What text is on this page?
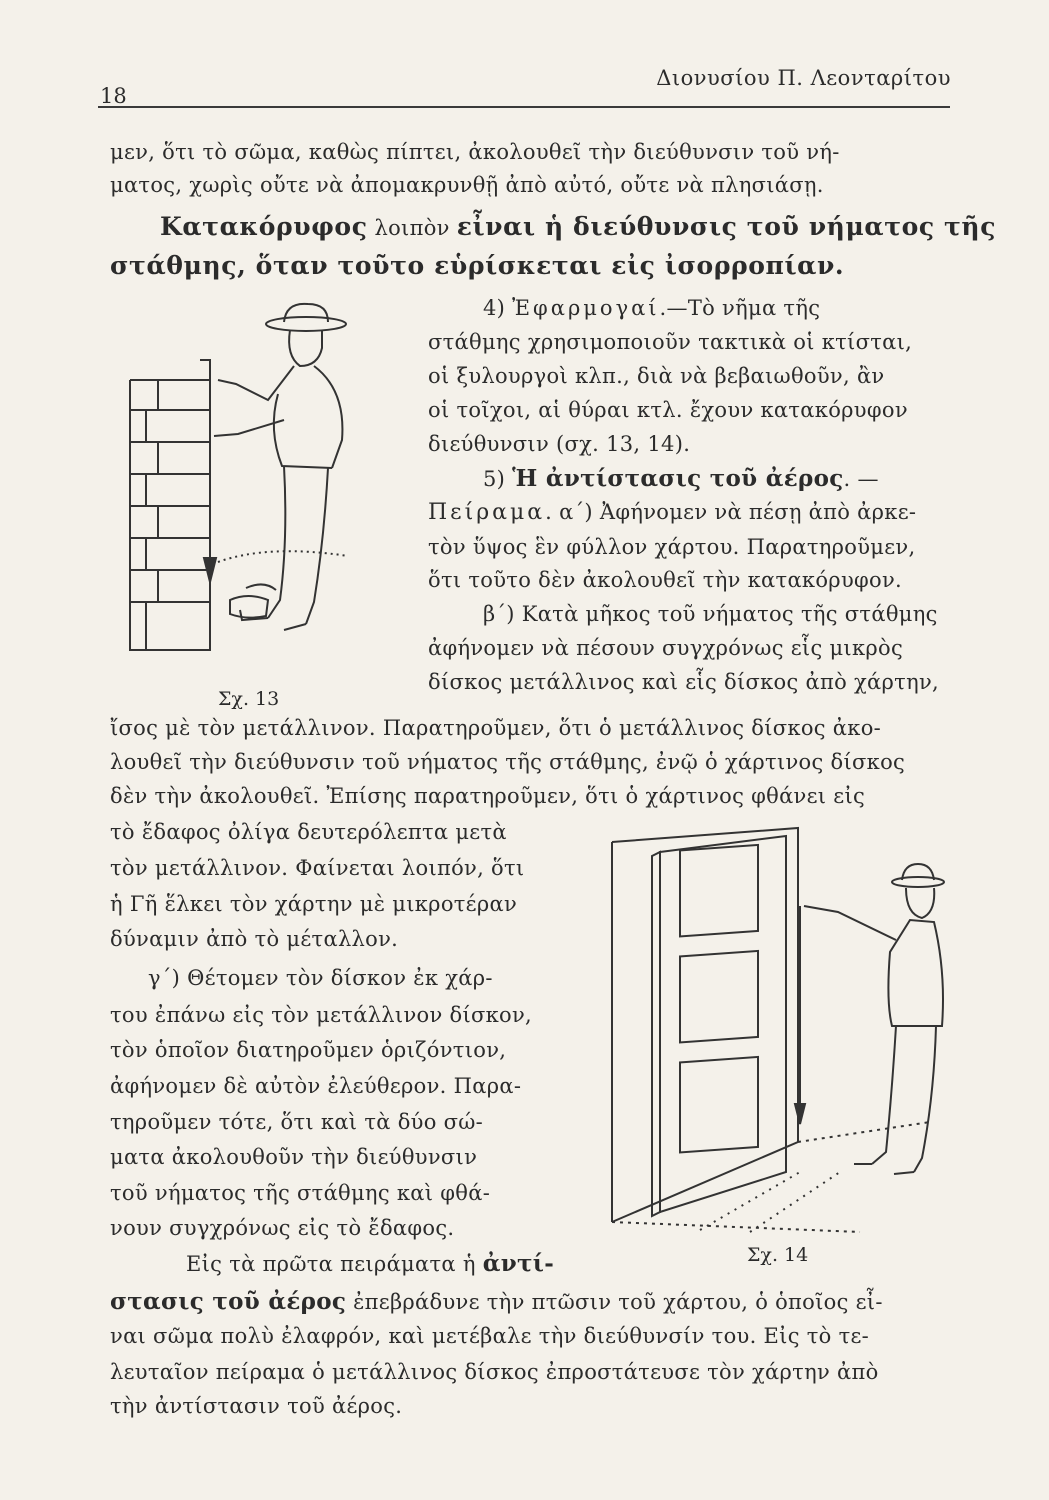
18
Διονυσίου Π. Λεονταρίτου
μεν, ὅτι τὸ σῶμα, καθὼς πίπτει, ἀκολουθεῖ τὴν διεύθυνσιν τοῦ νή-
ματος, χωρὶς οὔτε νὰ ἀπομακρυνθῇ ἀπὸ αὐτό, οὔτε νὰ πλησιάσῃ.
Κατακόρυφος λοιπὸν εἶναι ἡ διεύθυνσις τοῦ νήματος τῆς
στάθμης, ὅταν τοῦτο εὑρίσκεται εἰς ἰσορροπίαν.
4) Ἐφαρμογαί.—Τὸ νῆμα τῆς
στάθμης χρησιμοποιοῦν τακτικὰ οἱ κτίσται,
οἱ ξυλουργοὶ κλπ., διὰ νὰ βεβαιωθοῦν, ἂν
οἱ τοῖχοι, αἱ θύραι κτλ. ἔχουν κατακόρυφον
διεύθυνσιν (σχ. 13, 14).
5) Ἡ ἀντίστασις τοῦ ἀέρος. —
Πείραμα. α΄) Ἀφήνομεν νὰ πέσῃ ἀπὸ ἀρκε-
τὸν ὕψος ἓν φύλλον χάρτου. Παρατηροῦμεν,
ὅτι τοῦτο δὲν ἀκολουθεῖ τὴν κατακόρυφον.
β΄) Κατὰ μῆκος τοῦ νήματος τῆς στάθμης
ἀφήνομεν νὰ πέσουν συγχρόνως εἷς μικρὸς
δίσκος μετάλλινος καὶ εἷς δίσκος ἀπὸ χάρτην,
Σχ. 13
ἴσος μὲ τὸν μετάλλινον. Παρατηροῦμεν, ὅτι ὁ μετάλλινος δίσκος ἀκο-
λουθεῖ τὴν διεύθυνσιν τοῦ νήματος τῆς στάθμης, ἐνῷ ὁ χάρτινος δίσκος
δὲν τὴν ἀκολουθεῖ. Ἐπίσης παρατηροῦμεν, ὅτι ὁ χάρτινος φθάνει εἰς
τὸ ἔδαφος ὀλίγα δευτερόλεπτα μετὰ
τὸν μετάλλινον. Φαίνεται λοιπόν, ὅτι
ἡ Γῆ ἕλκει τὸν χάρτην μὲ μικροτέραν
δύναμιν ἀπὸ τὸ μέταλλον.
γ΄) Θέτομεν τὸν δίσκον ἐκ χάρ-
του ἐπάνω εἰς τὸν μετάλλινον δίσκον,
τὸν ὁποῖον διατηροῦμεν ὁριζόντιον,
ἀφήνομεν δὲ αὐτὸν ἐλεύθερον. Παρα-
τηροῦμεν τότε, ὅτι καὶ τὰ δύο σώ-
ματα ἀκολουθοῦν τὴν διεύθυνσιν
τοῦ νήματος τῆς στάθμης καὶ φθά-
νουν συγχρόνως εἰς τὸ ἔδαφος.
Εἰς τὰ πρῶτα πειράματα ἡ ἀντί-	Σχ. 14
στασις τοῦ ἀέρος ἐπεβράδυνε τὴν πτῶσιν τοῦ χάρτου, ὁ ὁποῖος εἶ-
ναι σῶμα πολὺ ἐλαφρόν, καὶ μετέβαλε τὴν διεύθυνσίν του. Εἰς τὸ τε-
λευταῖον πείραμα ὁ μετάλλινος δίσκος ἐπροστάτευσε τὸν χάρτην ἀπὸ
τὴν ἀντίστασιν τοῦ ἀέρος.
